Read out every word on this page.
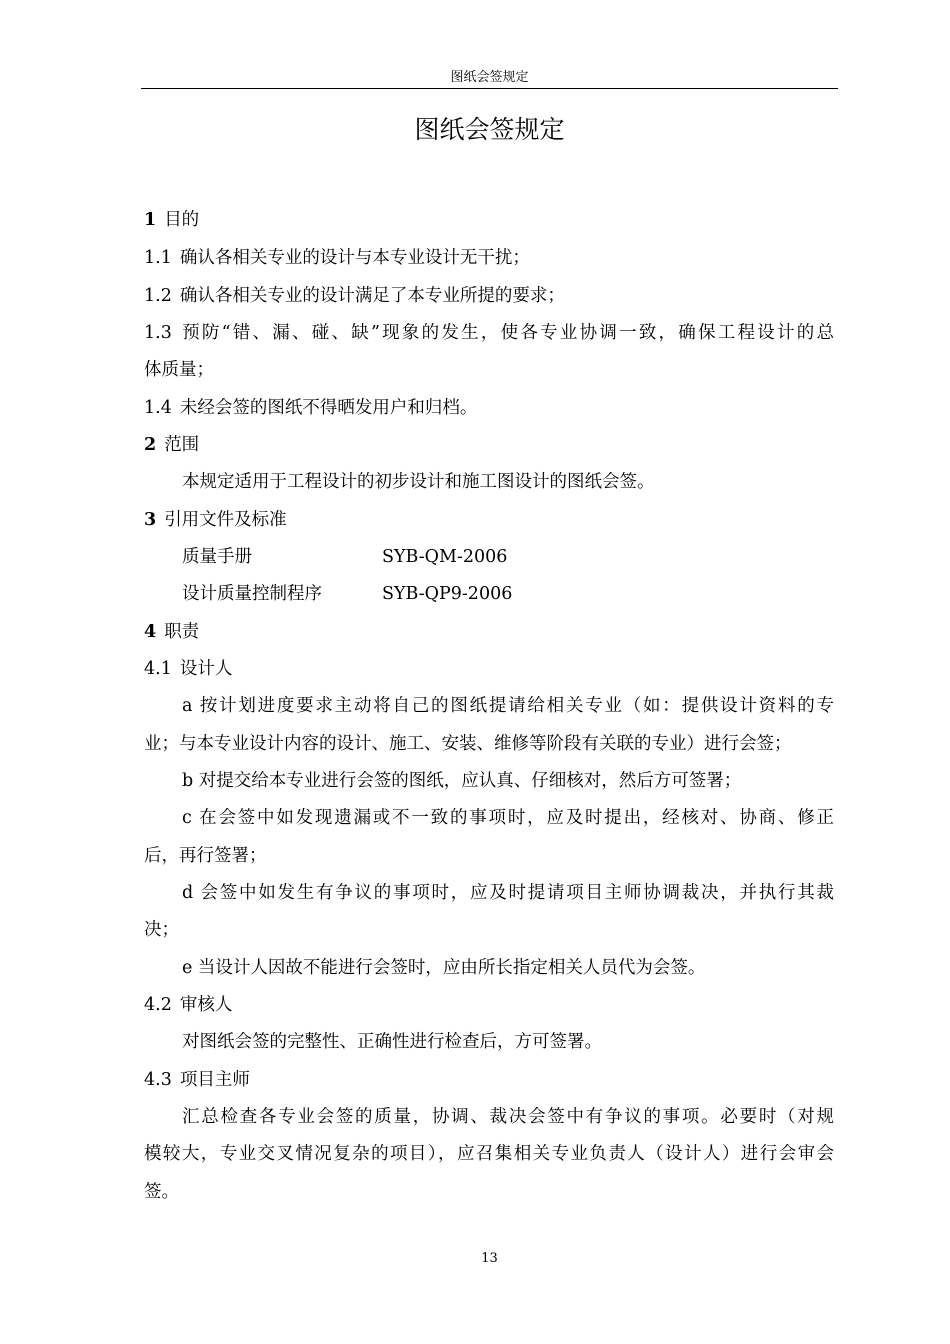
图纸会签规定
图纸会签规定
1 目的
1.1 确认各相关专业的设计与本专业设计无干扰；
1.2 确认各相关专业的设计满足了本专业所提的要求；
1.3 预防“错、漏、碰、缺”现象的发生，使各专业协调一致，确保工程设计的总
体质量；
1.4 未经会签的图纸不得晒发用户和归档。
2 范围
本规定适用于工程设计的初步设计和施工图设计的图纸会签。
3 引用文件及标准
质量手册	SYB-QM-2006
设计质量控制程序	SYB-QP9-2006
4 职责
4.1 设计人
a 按计划进度要求主动将自己的图纸提请给相关专业（如：提供设计资料的专
业；与本专业设计内容的设计、施工、安装、维修等阶段有关联的专业）进行会签；
b 对提交给本专业进行会签的图纸，应认真、仔细核对，然后方可签署；
c 在会签中如发现遗漏或不一致的事项时，应及时提出，经核对、协商、修正
后，再行签署；
d 会签中如发生有争议的事项时，应及时提请项目主师协调裁决，并执行其裁
决；
e 当设计人因故不能进行会签时，应由所长指定相关人员代为会签。
4.2 审核人
对图纸会签的完整性、正确性进行检查后，方可签署。
4.3 项目主师
汇总检查各专业会签的质量，协调、裁决会签中有争议的事项。必要时（对规
模较大，专业交叉情况复杂的项目），应召集相关专业负责人（设计人）进行会审会
签。
13
